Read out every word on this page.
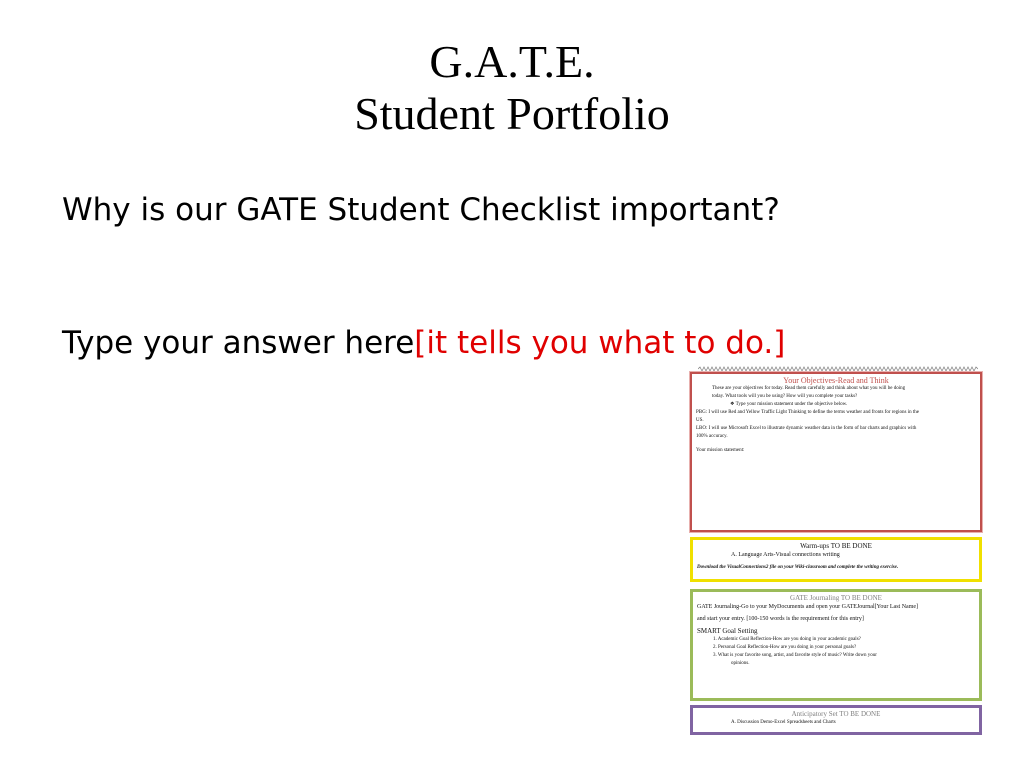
G.A.T.E.
Student Portfolio
Why is our GATE Student Checklist important?
Type your answer here[it tells you what to do.]
Your Objectives-Read and Think
These are your objectives for today. Read them carefully and think about what you will be doing
today. What tools will you be using? How will you complete your tasks?
❖ Type your mission statement under the objective below.
PBG: I will use Red and Yellow Traffic Light Thinking to define the terms weather and fronts for regions in the
US.
LBO: I will use Microsoft Excel to illustrate dynamic weather data in the form of bar charts and graphics with
100% accuracy.
Your mission statement:
Warm-ups TO BE DONE
A. Language Arts-Visual connections writing
Download the VisualConnections2 file on your Wiki-classroom and complete the writing exercise.
GATE Journaling TO BE DONE
GATE Journaling-Go to your MyDocuments and open your GATEJournal[Your Last Name]
and start your entry. [100-150 words is the requirement for this entry]
SMART Goal Setting
1. Academic Goal Reflection-How are you doing in your academic goals?
2. Personal Goal Reflection-How are you doing in your personal goals?
3. What is your favorite song, artist, and favorite style of music? Write down your
opinions.
Anticipatory Set TO BE DONE
A. Discussion Demo-Excel Spreadsheets and Charts
